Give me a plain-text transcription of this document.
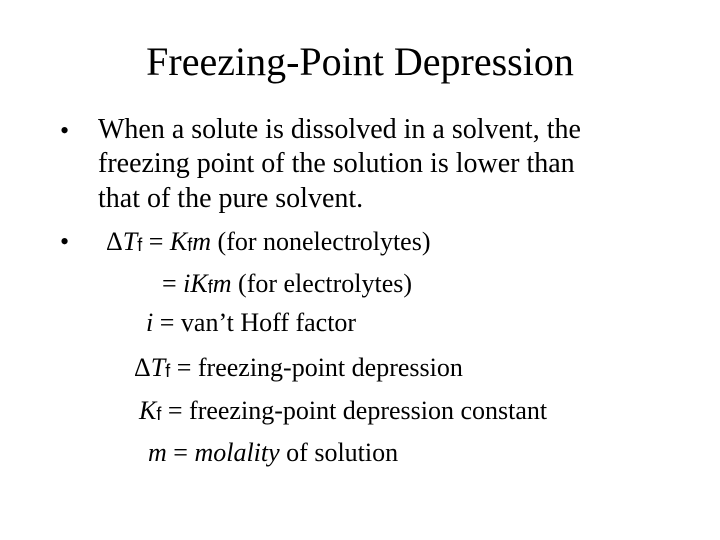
Freezing-Point Depression
• When a solute is dissolved in a solvent, the
freezing point of the solution is lower than
that of the pure solvent.
• ΔTf = Kfm (for nonelectrolytes)
= iKfm (for electrolytes)
i = van’t Hoff factor
ΔTf = freezing-point depression
Kf = freezing-point depression constant
m = molality of solution
